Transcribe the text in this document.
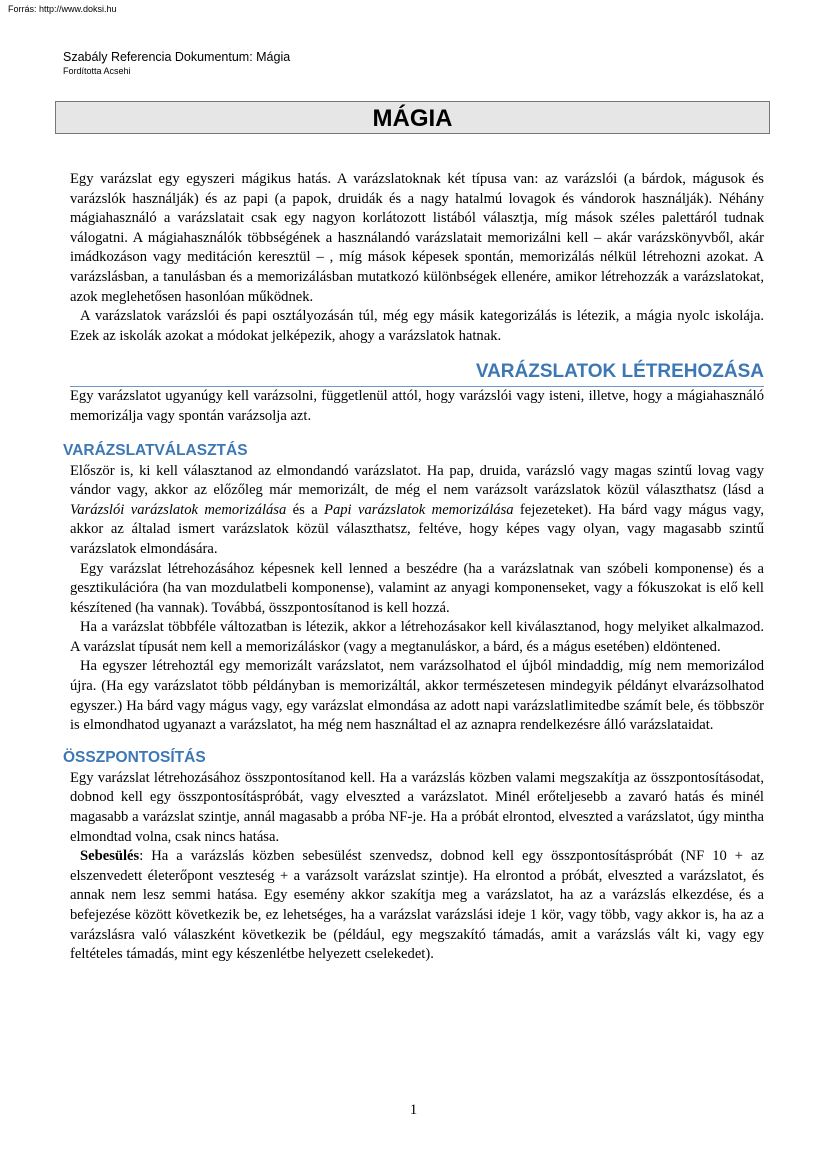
Forrás: http://www.doksi.hu
Szabály Referencia Dokumentum: Mágia
Fordította Acsehi
MÁGIA

Egy varázslat egy egyszeri mágikus hatás. A varázslatoknak két típusa van: az varázslói (a bárdok, mágusok és varázslók használják) és az papi (a papok, druidák és a nagy hatalmú lovagok és vándorok használják). Néhány mágiahasználó a varázslatait csak egy nagyon korlátozott listából választja, míg mások széles palettáról tudnak válogatni. A mágiahasználók többségének a használandó varázslatait memorizálni kell – akár varázskönyvből, akár imádkozáson vagy meditáción keresztül – , míg mások képesek spontán, memorizálás nélkül létrehozni azokat. A varázslásban, a tanulásban és a memorizálásban mutatkozó különbségek ellenére, amikor létrehozzák a varázslatokat, azok meglehetősen hasonlóan működnek.

A varázslatok varázslói és papi osztályozásán túl, még egy másik kategorizálás is létezik, a mágia nyolc iskolája. Ezek az iskolák azokat a módokat jelképezik, ahogy a varázslatok hatnak.

VARÁZSLATOK LÉTREHOZÁSA

Egy varázslatot ugyanúgy kell varázsolni, függetlenül attól, hogy varázslói vagy isteni, illetve, hogy a mágiahasználó memorizálja vagy spontán varázsolja azt.

VARÁZSLATVÁLASZTÁS

Először is, ki kell választanod az elmondandó varázslatot. Ha pap, druida, varázsló vagy magas szintű lovag vagy vándor vagy, akkor az előzőleg már memorizált, de még el nem varázsolt varázslatok közül választhatsz (lásd a Varázslói varázslatok memorizálása és a Papi varázslatok memorizálása fejezeteket). Ha bárd vagy mágus vagy, akkor az általad ismert varázslatok közül választhatsz, feltéve, hogy képes vagy olyan, vagy magasabb szintű varázslatok elmondására.

Egy varázslat létrehozásához képesnek kell lenned a beszédre (ha a varázslatnak van szóbeli komponense) és a gesztikulációra (ha van mozdulatbeli komponense), valamint az anyagi komponenseket, vagy a fókuszokat is elő kell készítened (ha vannak). Továbbá, összpontosítanod is kell hozzá.

Ha a varázslat többféle változatban is létezik, akkor a létrehozásakor kell kiválasztanod, hogy melyiket alkalmazod. A varázslat típusát nem kell a memorizáláskor (vagy a megtanuláskor, a bárd, és a mágus esetében) eldöntened.

Ha egyszer létrehoztál egy memorizált varázslatot, nem varázsolhatod el újból mindaddig, míg nem memorizálod újra. (Ha egy varázslatot több példányban is memorizáltál, akkor természetesen mindegyik példányt elvarázsolhatod egyszer.) Ha bárd vagy mágus vagy, egy varázslat elmondása az adott napi varázslatlimitedbe számít bele, és többször is elmondhatod ugyanazt a varázslatot, ha még nem használtad el az aznapra rendelkezésre álló varázslataidat.

ÖSSZPONTOSÍTÁS

Egy varázslat létrehozásához összpontosítanod kell. Ha a varázslás közben valami megszakítja az összpontosításodat, dobnod kell egy összpontosításpróbát, vagy elveszted a varázslatot. Minél erőteljesebb a zavaró hatás és minél magasabb a varázslat szintje, annál magasabb a próba NF-je. Ha a próbát elrontod, elveszted a varázslatot, úgy mintha elmondtad volna, csak nincs hatása.

Sebesülés: Ha a varázslás közben sebesülést szenvedsz, dobnod kell egy összpontosításpróbát (NF 10 + az elszenvedett életerőpont veszteség + a varázsolt varázslat szintje). Ha elrontod a próbát, elveszted a varázslatot, és annak nem lesz semmi hatása. Egy esemény akkor szakítja meg a varázslatot, ha az a varázslás elkezdése, és a befejezése között következik be, ez lehetséges, ha a varázslat varázslási ideje 1 kör, vagy több, vagy akkor is, ha az a varázslásra való válaszként következik be (például, egy megszakító támadás, amit a varázslás vált ki, vagy egy feltételes támadás, mint egy készenlétbe helyezett cselekedet).

1
